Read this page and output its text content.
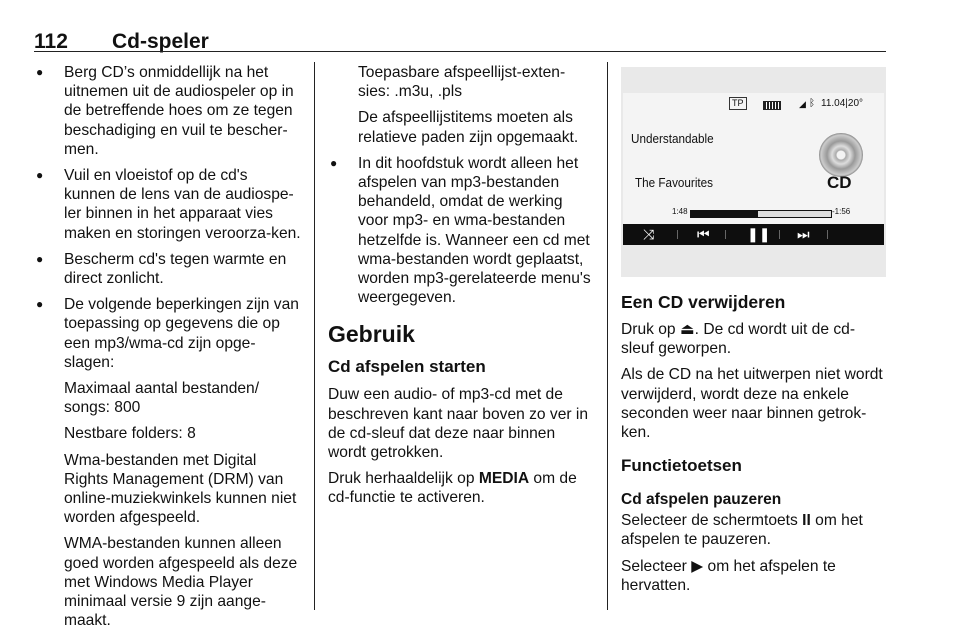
112 Cd-speler
● Berg CD’s onmiddellijk na het uitnemen uit de audiospeler op in de betreffende hoes om ze tegen beschadiging en vuil te bescher-men.
● Vuil en vloeistof op de cd's kunnen de lens van de audiospe-ler binnen in het apparaat vies maken en storingen veroorza-ken.
● Bescherm cd's tegen warmte en direct zonlicht.

● De volgende beperkingen zijn van toepassing op gegevens die op een mp3/wma-cd zijn opge-slagen:

Maximaal aantal bestanden/ songs: 800

Nestbare folders: 8

Wma-bestanden met Digital Rights Management (DRM) van online-muziekwinkels kunnen niet worden afgespeeld.

WMA-bestanden kunnen alleen goed worden afgespeeld als deze met Windows Media Player minimaal versie 9 zijn aange-maakt.

Toepasbare afspeellijst-exten-sies: .m3u, .pls

De afspeellijstitems moeten als relatieve paden zijn opgemaakt.

● In dit hoofdstuk wordt alleen het afspelen van mp3-bestanden behandeld, omdat de werking voor mp3- en wma-bestanden hetzelfde is. Wanneer een cd met wma-bestanden wordt geplaatst, worden mp3-gerelateerde menu's weergegeven.
Gebruik
Cd afspelen starten

Duw een audio- of mp3-cd met de beschreven kant naar boven zo ver in de cd-sleuf dat deze naar binnen wordt getrokken.

Druk herhaaldelijk op MEDIA om de cd-functie te activeren.

TP	◢ ᛒ 11.04|20°
Understandable
The Favourites	CD
1:48	-1:56
⤨	⏮	❚❚ ⏭
Een CD verwijderen

Druk op ⏏. De cd wordt uit de cd-sleuf geworpen.

Als de CD na het uitwerpen niet wordt verwijderd, wordt deze na enkele seconden weer naar binnen getrok-ken.

Functietoetsen
Cd afspelen pauzeren

Selecteer de schermtoets II om het afspelen te pauzeren.

Selecteer ▶ om het afspelen te hervatten.
